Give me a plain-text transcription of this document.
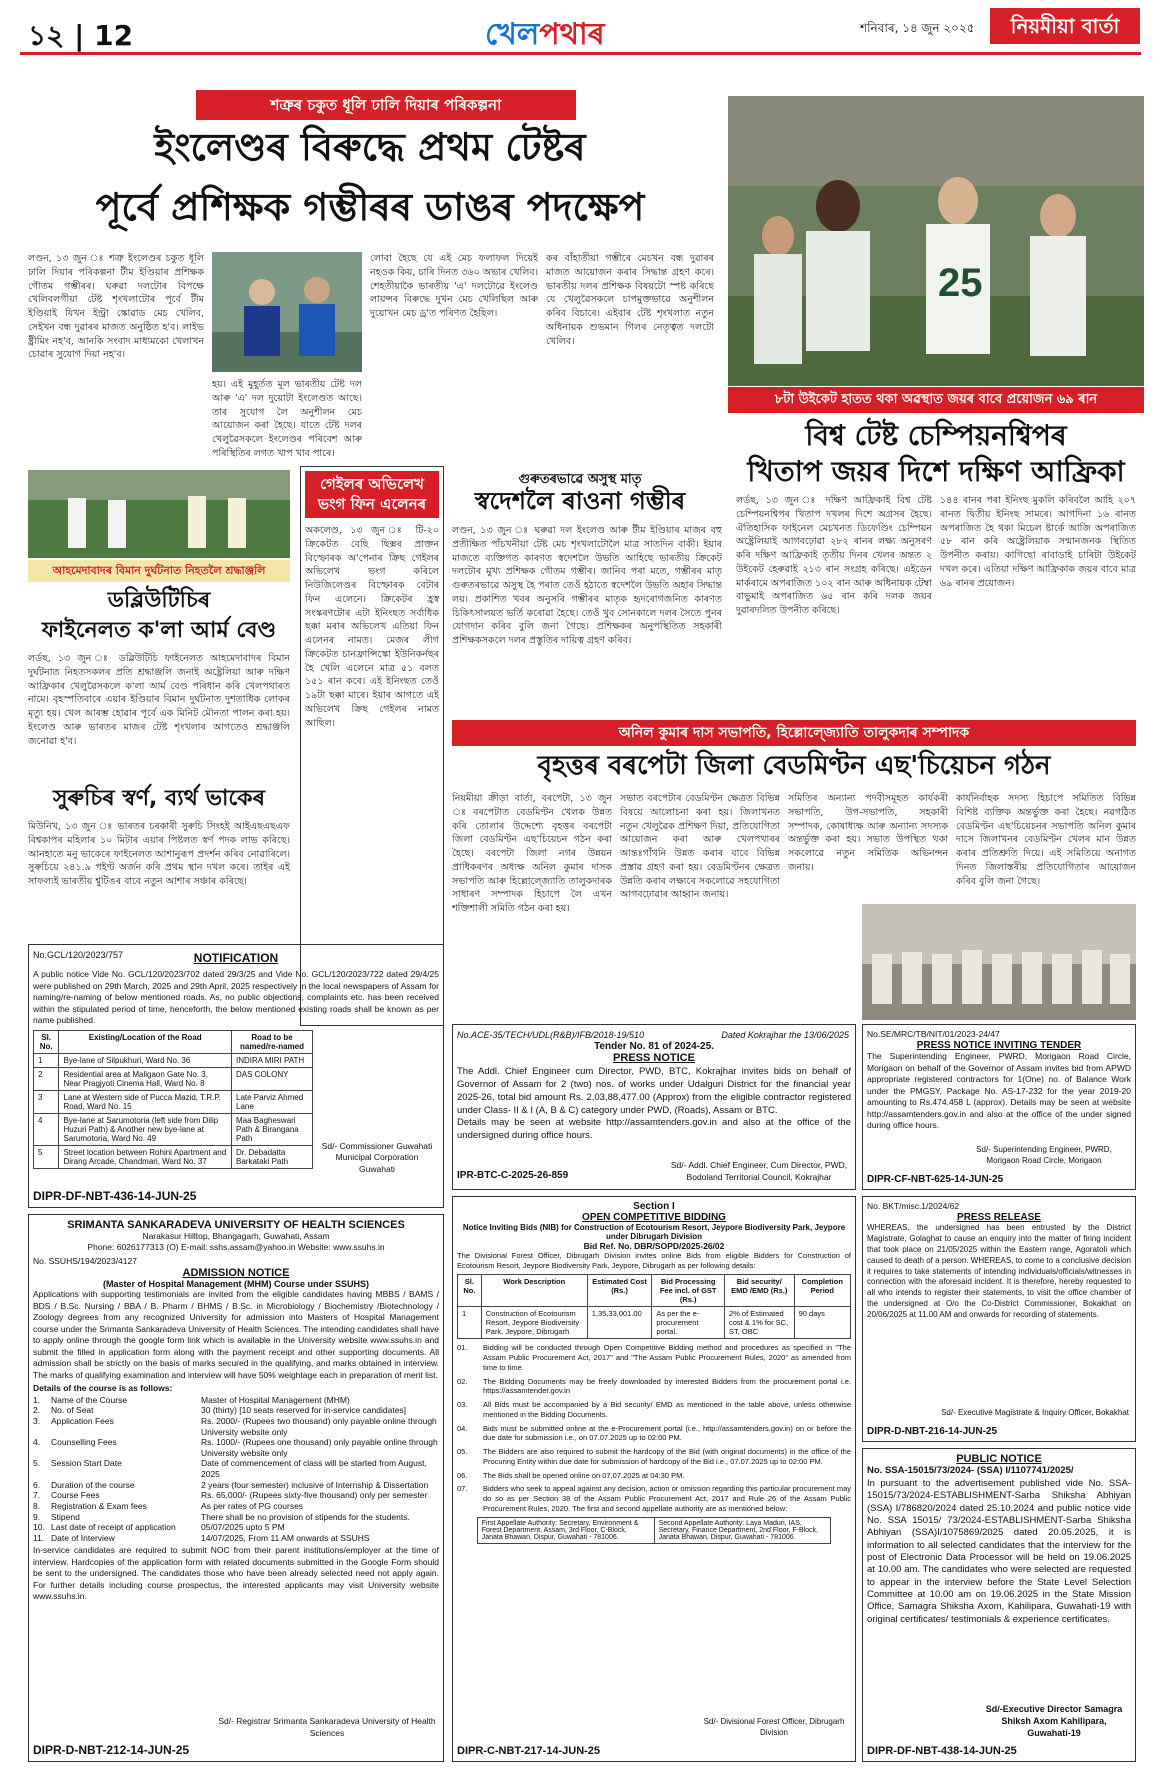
১২ | 12	খেলপথাৰ	শনিবাৰ, ১৪ জুন ২০২৫	নিয়মীয়া বাৰ্তা
শত্ৰুৰ চকুত ধূলি ঢালি দিয়াৰ পৰিকল্পনা
ইংলেণ্ডৰ বিৰুদ্ধে প্ৰথম টেষ্টৰ
পূৰ্বে প্ৰশিক্ষক গম্ভীৰৰ ডাঙৰ পদক্ষেপ
লণ্ডন, ১৩ জুন ঃ শত্ৰু ইংলেণ্ডৰ চকুত ধূলি ঢালি দিয়াৰ পৰিকল্পনা টীম ইণ্ডিয়াৰ প্ৰশিক্ষক গৌতম গম্ভীৰৰ। ঘৰুৱা দলটোৰ বিপক্ষে খেলিবলগীয়া টেষ্ট শৃংখলাটোৰ পূৰ্বে টীম ইণ্ডিয়াই যিখন ইন্ট্ৰা স্কোৱাড মেচ খেলিব, সেইখন বন্ধ দুৱাৰৰ মাজত অনুষ্ঠিত হ'ব। লাইভ ষ্ট্ৰীমিং নহ'ব, আনকি সংবাদ মাধ্যমকো খেলাখন চোৱাৰ সুযোগ দিয়া নহ'ব।
হয়। এই মুহূৰ্তত মূল ভাৰতীয় টেষ্ট দল আৰু 'এ' দল দুয়োটা ইংলেণ্ডত আছে। তাৰ সুযোগ লৈ অনুশীলন মেচ আয়োজন কৰা হৈছে। যাতে টেষ্ট দলৰ খেলুৱৈসকলে ইংলেণ্ডৰ পৰিবেশ আৰু পৰিস্থিতিৰ লগত খাপ খাব পাৰে।
লোবা হৈছে যে এই মেচ ফলাফল দিয়েই নহওক কিয়, চাৰি দিনত ৩৬০ অভাৰ খেলিব। শেহতীয়াকৈ ভাৰতীয় 'এ' দলটোৱে ইংলেণ্ড লায়ন্সৰ বিৰুদ্ধে দুখন মেচ খেলিছিল আৰু দুয়োখন মেচ ড্ৰ'ত পৰিণত হৈছিল।
কৰ বাঁহাতীয়া গম্ভীৰে মেচখন বন্ধ দুৱাৰৰ মাজত আয়োজন কৰাৰ সিদ্ধান্ত গ্ৰহণ কৰে। ভাৰতীয় দলৰ প্ৰশিক্ষক বিষয়টো স্পষ্ট কৰিছে যে খেলুৱৈসকলে চাপমুক্তভাৱে অনুশীলন কৰিব বিচাৰে। এইবাৰ টেষ্ট শৃংখলাত নতুন অধিনায়ক শুভমান গিলৰ নেতৃত্বত দলটো খেলিব।
25
৮টা উইকেট হাতত থকা অৱস্থাত জয়ৰ বাবে প্ৰয়োজন ৬৯ ৰান
গুৰুতৰভাৱে অসুস্থ মাতৃ
স্বদেশলৈ ৰাওনা গম্ভীৰ
লণ্ডন, ১৩ জুন ঃ ঘৰুৱা দল ইংলেণ্ড আৰু টীম ইণ্ডিয়াৰ মাজৰ বহু প্ৰতীক্ষিত পাঁচখনীয়া টেষ্ট মেচ শৃংখলাটোলৈ মাত্ৰ সাতদিন বাকী। ইয়াৰ মাজতে ব্যক্তিগত কাৰণত স্বদেশলৈ উভতি আহিছে ভাৰতীয় ক্ৰিকেট দলটোৰ মুখ্য প্ৰশিক্ষক গৌতম গম্ভীৰ। জানিব পৰা মতে, গম্ভীৰৰ মাতৃ গুৰুতৰভাৱে অসুস্থ হৈ পৰাত তেওঁ হঠাতে স্বদেশলৈ উভতি অহাৰ সিদ্ধান্ত লয়। প্ৰকাশিত খবৰ অনুসৰি গম্ভীৰৰ মাতৃক হৃদৰোগজনিত কাৰণত চিকিৎসালয়ত ভৰ্তি কৰোৱা হৈছে। তেওঁ খুব সোনকালে দলৰ সৈতে পুনৰ যোগদান কৰিব বুলি জনা গৈছে। প্ৰশিক্ষকৰ অনুপস্থিতিত সহকাৰী প্ৰশিক্ষকসকলে দলৰ প্ৰস্তুতিৰ দায়িত্ব গ্ৰহণ কৰিব।
বিশ্ব টেষ্ট চেম্পিয়নশ্বিপৰ
খিতাপ জয়ৰ দিশে দক্ষিণ আফ্ৰিকা
লৰ্ডছ, ১৩ জুন ঃ দক্ষিণ আফ্ৰিকাই বিশ্ব টেষ্ট চেম্পিয়নশ্বিপৰ খিতাপ দখলৰ দিশে অগ্ৰসৰ হৈছে। ঐতিহাসিক ফাইনেল মেচখনত ডিফেণ্ডিং চেম্পিয়ন অষ্ট্ৰেলিয়াই আগবঢ়োৱা ২৮২ ৰানৰ লক্ষ্য অনুসৰণ কৰি দক্ষিণ আফ্ৰিকাই তৃতীয় দিনৰ খেলৰ অন্তত ২ উইকেট হেৰুৱাই ২১৩ ৰান সংগ্ৰহ কৰিছে। এইডেন মাৰ্কৰামে অপৰাজিত ১০২ ৰান আৰু অধিনায়ক টেম্বা বাভুমাই অপৰাজিত ৬৫ ৰান কৰি দলক জয়ৰ দুৱাৰদলিত উপনীত কৰিছে।
১৪৪ ৰানৰ পৰা ইনিংছ মুকলি কৰিবলৈ আহি ২০৭ ৰানত দ্বিতীয় ইনিংছ সামৰে। আগদিনা ১৬ ৰানত অপৰাজিত হৈ থকা মিচেল ষ্টাৰ্কে আজি অপৰাজিত ৫৮ ৰান কৰি অষ্ট্ৰেলিয়াক সন্মানজনক স্থিতিত উপনীত কৰায়। কাগিছো ৰাবাডাই চাৰিটা উইকেট দখল কৰে। এতিয়া দক্ষিণ আফ্ৰিকাক জয়ৰ বাবে মাত্ৰ ৬৯ ৰানৰ প্ৰয়োজন।
আহমেদাবাদৰ বিমান দুৰ্ঘটনাত নিহতলৈ শ্ৰদ্ধাঞ্জলি
গেইলৰ অভিলেখ ভংগ ফিন এলেনৰ
অকলেণ্ড, ১৩ জুন ঃ টি-২০ ক্ৰিকেটত বেছি ছিক্সৰ প্ৰাক্তন বিস্ফোৰক অ'পেনাৰ ক্ৰিছ গেইলৰ অভিলেখ ভংগ কৰিলে নিউজিলেণ্ডৰ বিস্ফোৰক বেটাৰ ফিন এলেনে। ক্ৰিকেটৰ হ্ৰস্ব সংস্কৰণটোৰ এটা ইনিংছত সৰ্বাধিক ছক্কা মৰাৰ অভিলেখ এতিয়া ফিন এলেনৰ নামত। মেজৰ লীগ ক্ৰিকেটত চানফ্ৰান্সিস্কো ইউনিকৰ্নছৰ হৈ খেলি এলেনে মাত্ৰ ৫১ বলত ১৫১ ৰান কৰে। এই ইনিংছত তেওঁ ১৯টা ছক্কা মাৰে। ইয়াৰ আগতে এই অভিলেখ ক্ৰিছ গেইলৰ নামত আছিল।
ডব্লিউটিচিৰ
ফাইনেলত ক'লা আৰ্ম বেণ্ড
লৰ্ডছ, ১৩ জুন ঃ ডব্লিউটিচি ফাইনেলত আহমেদাবাদৰ বিমান দুৰ্ঘটনাত নিহতসকলৰ প্ৰতি শ্ৰদ্ধাঞ্জলি জনাই অষ্ট্ৰেলিয়া আৰু দক্ষিণ আফ্ৰিকাৰ খেলুৱৈসকলে ক'লা আৰ্ম বেণ্ড পৰিধান কৰি খেলপথাৰত নামে। বৃহস্পতিবাৰে এয়াৰ ইণ্ডিয়াৰ বিমান দুৰ্ঘটনাত দুশতাধিক লোকৰ মৃত্যু হয়। খেল আৰম্ভ হোৱাৰ পূৰ্বে এক মিনিট মৌনতা পালন কৰা হয়। ইংলেণ্ড আৰু ভাৰতৰ মাজৰ টেষ্ট শৃংখলাৰ আগতেও শ্ৰদ্ধাঞ্জলি জনোৱা হ'ব।
সুৰুচিৰ স্বৰ্ণ, ব্যৰ্থ ভাকেৰ
মিউনিখ, ১৩ জুন ঃ ভাৰতৰ চৰকাৰী সুৰুচি সিংহই আইএছএছএফ বিশ্বকাপৰ মহিলাৰ ১০ মিটাৰ এয়াৰ পিষ্টলত স্বৰ্ণ পদক লাভ কৰিছে। আনহাতে মনু ভাকেৰে ফাইনেলত আশানুৰূপ প্ৰদৰ্শন কৰিব নোৱাৰিলে। সুৰুচিয়ে ২৪১.৯ পইণ্ট অৰ্জন কৰি প্ৰথম স্থান দখল কৰে। তাইৰ এই সাফল্যই ভাৰতীয় শ্বুটিঙৰ বাবে নতুন আশাৰ সঞ্চাৰ কৰিছে।
অনিল কুমাৰ দাস সভাপতি, হিল্লোল্জ্যোতি তালুকদাৰ সম্পাদক
বৃহত্তৰ বৰপেটা জিলা বেডমিণ্টন এছ'চিয়েচন গঠন
নিয়মীয়া ক্ৰীড়া বাৰ্তা, বৰপেটা, ১৩ জুন ঃ বৰপেটাত বেডমিণ্টন খেলক উন্নত কৰি তোলাৰ উদ্দেশ্যে বৃহত্তৰ বৰপেটা জিলা বেডমিণ্টন এছ'চিয়েচন গঠন কৰা হৈছে। বৰপেটা জিলা নগৰ উন্নয়ন প্ৰাধিকৰণৰ অধ্যক্ষ অনিল কুমাৰ দাসক সভাপতি আৰু হিল্লোল্জ্যোতি তালুকদাৰক সাধাৰণ সম্পাদক হিচাপে লৈ এখন শক্তিশালী সমিতি গঠন কৰা হয়।
সভাত বৰপেটাৰ বেডমিণ্টন ক্ষেত্ৰত বিভিন্ন বিষয়ে আলোচনা কৰা হয়। জিলাখনত নতুন খেলুৱৈক প্ৰশিক্ষণ দিয়া, প্ৰতিযোগিতা আয়োজন কৰা আৰু খেলপথাৰৰ আন্তঃগাঁথনি উন্নত কৰাৰ বাবে বিভিন্ন প্ৰস্তাৱ গ্ৰহণ কৰা হয়। বেডমিণ্টনৰ ক্ষেত্ৰত উন্নতি কৰাৰ লক্ষ্যৰে সকলোৱে সহযোগিতা আগবঢ়োৱাৰ আহ্বান জনায়।
সমিতিৰ অন্যান্য পদবীসমূহত কাৰ্যকৰী সভাপতি, উপ-সভাপতি, সহকাৰী সম্পাদক, কোষাধ্যক্ষ আৰু অন্যান্য সদস্যক অন্তৰ্ভুক্ত কৰা হয়। সভাত উপস্থিত থকা সকলোৱে নতুন সমিতিক অভিনন্দন জনায়।
কাৰ্যনিৰ্বাহক সদস্য হিচাপে সমিতিত বিভিন্ন বিশিষ্ট ব্যক্তিক অন্তৰ্ভুক্ত কৰা হৈছে। নৱগঠিত বেডমিণ্টন এছ'চিয়েচনৰ সভাপতি অনিল কুমাৰ দাসে জিলাখনৰ বেডমিণ্টন খেলৰ মান উন্নত কৰাৰ প্ৰতিশ্ৰুতি দিয়ে। এই সমিতিয়ে অনাগত দিনত জিলাস্তৰীয় প্ৰতিযোগিতাৰ আয়োজন কৰিব বুলি জনা গৈছে।
No.GCL/120/2023/757	NOTIFICATION
A public notice Vide No. GCL/120/2023/702 dated 29/3/25 and Vide No. GCL/120/2023/722 dated 29/4/25 were published on 29th March, 2025 and 29th April, 2025 respectively in the local newspapers of Assam for naming/re-naming of below mentioned roads. As, no public objections, complaints etc. has been received within the stipulated period of time, henceforth, the below mentioned existing roads shall be known as per name published.
Sl. No.	Existing/Location of the Road	Road to be named/re-named
1	Bye-lane of Silpukhuri, Ward No. 36	INDIRA MIRI PATH
2	Residential area at Maligaon Gate No. 3, Near Pragjyoti Cinema Hall, Ward No. 8	DAS COLONY
3	Lane at Western side of Pucca Mazid, T.R.P. Road, Ward No. 15	Late Parviz Ahmed Lane
4	Bye-lane at Sarumotoria (left side from Dilip Huzuri Path) & Another new bye-lane at Sarumotoria, Ward No. 49	Maa Bagheswari Path & Birangana Path
5	Street location between Rohini Apartment and Dirang Arcade, Chandmari, Ward No. 37	Dr. Debadatta Barkataki Path
Sd/- Commissioner Guwahati Municipal Corporation Guwahati
DIPR-DF-NBT-436-14-JUN-25
No.ACE-35/TECH/UDL(R&B)/IFB/2018-19/510	Dated Kokrajhar the 13/06/2025
Tender No. 81 of 2024-25.
PRESS NOTICE
The Addl. Chief Engineer cum Director, PWD, BTC, Kokrajhar invites bids on behalf of Governor of Assam for 2 (two) nos. of works under Udalguri District for the financial year 2025-26, total bid amount Rs. 2,03,88,477.00 (Approx) from the eligible contractor registered under Class- II & I (A, B & C) category under PWD, (Roads), Assam or BTC.
Details may be seen at website http://assamtenders.gov.in and also at the office of the undersigned during office hours.
Sd/- Addl. Chief Engineer, Cum Director, PWD, Bodoland Territorial Council, Kokrajhar
IPR-BTC-C-2025-26-859
No.SE/MRC/TB/NIT/01/2023-24/47
PRESS NOTICE INVITING TENDER
The Superintending Engineer, PWRD, Morigaon Road Circle, Morigaon on behalf of the Governor of Assam invites bid from APWD appropriate registered contractors for 1(One) no. of Balance Work under the PMGSY, Package No. AS-17-232 for the year 2019-20 amounting to Rs.474.458 L (approx). Details may be seen at website http://assamtenders.gov.in and also at the office of the under signed during office hours.
Sd/- Superintending Engineer, PWRD, Morigaon Road Circle, Morigaon
DIPR-CF-NBT-625-14-JUN-25
SRIMANTA SANKARADEVA UNIVERSITY OF HEALTH SCIENCES
Narakasur Hilltop, Bhangagarh, Guwahati, Assam
Phone: 6026177313 (O) E-mail: sshs.assam@yahoo.in Website: www.ssuhs.in
No. SSUHS/194/2023/4127
ADMISSION NOTICE
(Master of Hospital Management (MHM) Course under SSUHS)
Applications with supporting testimonials are invited from the eligible candidates having MBBS / BAMS / BDS / B.Sc. Nursing / BBA / B. Pharm / BHMS / B.Sc. in Microbiology / Biochemistry /Biotechnology / Zoology degrees from any recognized University for admission into Masters of Hospital Management course under the Srimanta Sankaradeva University of Health Sciences. The intending candidates shall have to apply online through the google form link which is available in the University website www.ssuhs.in and submit the filled in application form along with the payment receipt and other supporting documents. All admission shall be strictly on the basis of marks secured in the qualifying, and marks obtained in interview. The marks of qualifying examination and interview will have 50% weightage each in preparation of merit list.
Details of the course is as follows:
1.	Name of the Course	Master of Hospital Management (MHM)
2.	No. of Seat	30 (thirty) [10 seats reserved for in-service candidates]
3.	Application Fees	Rs. 2000/- (Rupees two thousand) only payable online through University website only
4.	Counselling Fees	Rs. 1000/- (Rupees one thousand) only payable online through University website only
5.	Session Start Date	Date of commencement of class will be started from August, 2025
6.	Duration of the course	2 years (four semester) inclusive of Internship & Dissertation
7.	Course Fees	Rs. 65,000/- (Rupees sixty-five thousand) only per semester
8.	Registration & Exam fees	As per rates of PG courses
9.	Stipend	There shall be no provision of stipends for the students.
10. Last date of receipt of application	05/07/2025 upto 5 PM
11. Date of Interview	14/07/2025, From 11 AM onwards at SSUHS
In-service candidates are required to submit NOC from their parent institutions/employer at the time of interview. Hardcopies of the application form with related documents submitted in the Google Form should be sent to the undersigned. The candidates those who have been already selected need not apply again. For further details including course prospectus, the interested applicants may visit University website www.ssuhs.in.
Sd/- Registrar Srimanta Sankaradeva University of Health Sciences
DIPR-D-NBT-212-14-JUN-25
Section I
OPEN COMPETITIVE BIDDING
Notice Inviting Bids (NIB) for Construction of Ecotourism Resort, Jeypore Biodiversity Park, Jeypore under Dibrugarh Division
Bid Ref. No. DBR/SOPD/2025-26/02
The Divisional Forest Officer, Dibrugarh Division invites online Bids from eligible Bidders for Construction of Ecotourism Resort, Jeypore Biodiversity Park, Jeypore, Dibrugarh as per following details:
Sl. No.	Work Description	Estimated Cost (Rs.)	Bid Processing Fee incl. of GST (Rs.)	Bid security/ EMD /EMD (Rs.)	Completion Period
1	Construction of Ecotourism Resort, Jeypore Biodiversity Park, Jeypore, Dibrugarh	1,35,33,001.00	As per the e-procurement portal.	2% of Estimated cost & 1% for SC, ST, OBC	90 days
01.	Bidding will be conducted through Open Competitive Bidding method and procedures as specified in "The Assam Public Procurement Act, 2017" and "The Assam Public Procurement Rules, 2020" as amended from time to time.
02.	The Bidding Documents may be freely downloaded by interested Bidders from the procurement portal i.e. https://assamtender.gov.in
03.	All Bids must be accompanied by a Bid security/ EMD as mentioned in the table above, unless otherwise mentioned in the Bidding Documents.
04.	Bids must be submitted online at the e-Procurement portal (i.e., http://assamtenders.gov.in) on or before the due date for submission i.e., on 07.07.2025 up to 02:00 PM.
05.	The Bidders are also required to submit the hardcopy of the Bid (with original documents) in the office of the Procuring Entity within due date for submission of hardcopy of the Bid i.e., 07.07.2025 up to 02:00 PM.
06.	The Bids shall be opened online on 07.07.2025 at 04:30 PM.
07.	Bidders who seek to appeal against any decision, action or omission regarding this particular procurement may do so as per Section 38 of the Assam Public Procurement Act, 2017 and Rule 26 of the Assam Public Procurement Rules, 2020. The first and second appellate authority are as mentioned below:
First Appellate Authority: Secretary, Environment & Forest Department, Assam, 3rd Floor, C-Block, Janata Bhawan, Dispur, Guwahati - 781006.	Second Appellate Authority: Laya Maduri, IAS, Secretary, Finance Department, 2nd Floor, F-Block, Janata Bhawan, Dispur, Guwahati - 781006.
Sd/- Divisional Forest Officer, Dibrugarh Division
DIPR-C-NBT-217-14-JUN-25
No. BKT/misc.1/2024/62
PRESS RELEASE
WHEREAS, the undersigned has been entrusted by the District Magistrate, Golaghat to cause an enquiry into the matter of firing incident that took place on 21/05/2025 within the Eastern range, Agoratoli which caused to death of a person. WHEREAS, to come to a conclusive decision it requires to take statements of intending individuals/officials/witnesses in connection with the aforesaid incident. It is therefore, hereby requested to all who intends to register their statements, to visit the office chamber of the undersigned at O/o the Co-District Commissioner, Bokakhat on 20/06/2025 at 11.00 AM and onwards for recording of statements.
Sd/- Executive Magistrate & Inquiry Officer, Bokakhat
DIPR-D-NBT-216-14-JUN-25
PUBLIC NOTICE
No. SSA-15015/73/2024- (SSA) I/1107741/2025/
In pursuant to the advertisement published vide No. SSA-15015/73/2024-ESTABLISHMENT-Sarba Shiksha Abhiyan (SSA) I/786820/2024 dated 25.10.2024 and public notice vide No. SSA 15015/ 73/2024-ESTABLISHMENT-Sarba Shiksha Abhiyan (SSA)I/1075869/2025 dated 20.05.2025, it is information to all selected candidates that the interview for the post of Electronic Data Processor will be held on 19.06.2025 at 10.00 am. The candidates who were selected are requested to appear in the interview before the State Level Selection Committee at 10.00 am on 19.06.2025 in the State Mission Office, Samagra Shiksha Axom, Kahilipara, Guwahati-19 with original certificates/ testimonials & experience certificates.
Sd/-Executive Director Samagra Shiksh Axom Kahilipara, Guwahati-19
DIPR-DF-NBT-438-14-JUN-25
